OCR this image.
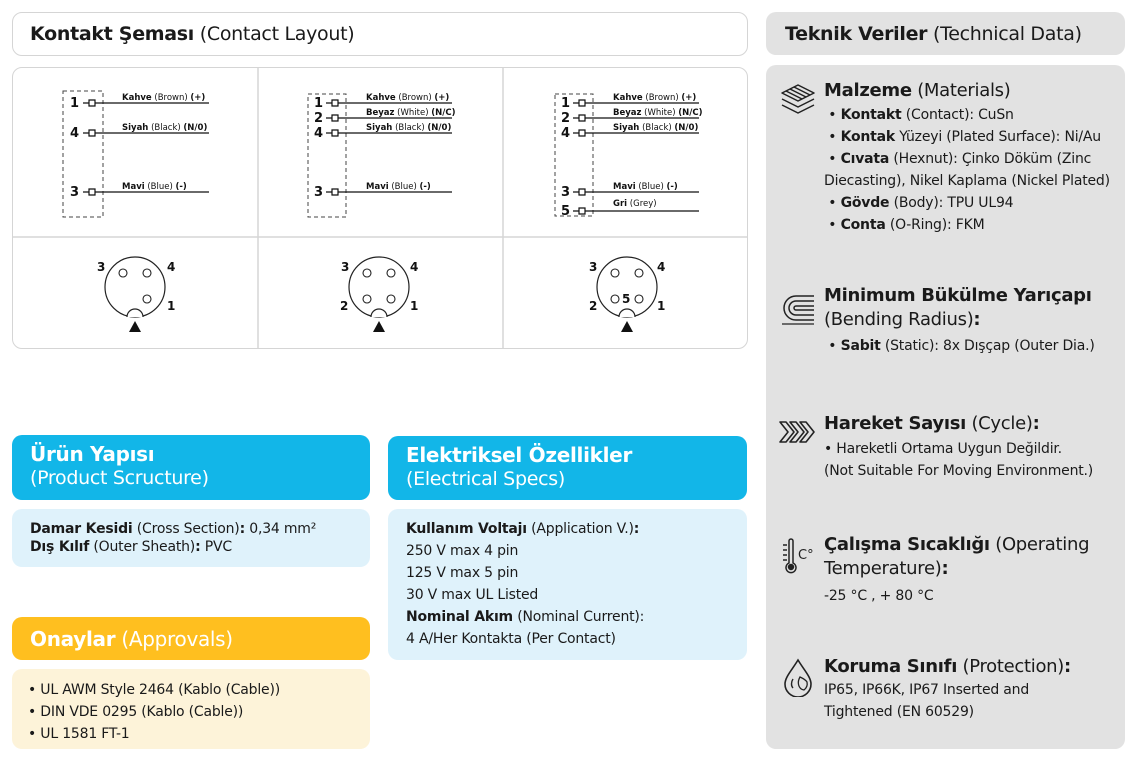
Kontakt Şeması
(Contact Layout)
1	Kahve (Brown) (+)
4	Siyah (Black) (N/0)
3	Mavi (Blue) (-)
1	Kahve (Brown) (+)
2	Beyaz (White) (N/C)
4	Siyah (Black) (N/0)
3	Mavi (Blue) (-)
1	Kahve (Brown) (+)
2	Beyaz (White) (N/C)
4	Siyah (Black) (N/0)
3	Mavi (Blue) (-)
5	Gri (Grey)
3	4
1
3	4
2	1
3	4
2 5 1
Ürün Yapısı
(Product Scructure)
Damar Kesidi (Cross Section): 0,34 mm²
Dış Kılıf (Outer Sheath): PVC
Elektriksel Özellikler
(Electrical Specs)
Kullanım Voltajı (Application V.):
250 V max 4 pin
125 V max 5 pin
30 V max UL Listed
Nominal Akım (Nominal Current):
4 A/Her Kontakta (Per Contact)
Onaylar
(Approvals)
• UL AWM Style 2464 (Kablo (Cable))
• DIN VDE 0295 (Kablo (Cable))
• UL 1581 FT-1
Teknik Veriler
(Technical Data)
Malzeme (Materials)
• Kontakt (Contact): CuSn
• Kontak Yüzeyi (Plated Surface): Ni/Au
• Cıvata (Hexnut): Çinko Döküm (Zinc Diecasting), Nikel Kaplama (Nickel Plated)
• Gövde (Body): TPU UL94
• Conta (O-Ring): FKM
Minimum Bükülme Yarıçapı (Bending Radius):
• Sabit (Static): 8x Dışçap (Outer Dia.)
Hareket Sayısı (Cycle):
• Hareketli Ortama Uygun Değildir.
(Not Suitable For Moving Environment.)
C°
Çalışma Sıcaklığı (Operating Temperature):
-25 °C , + 80 °C
Koruma Sınıfı (Protection):
IP65, IP66K, IP67 Inserted and Tightened (EN 60529)
